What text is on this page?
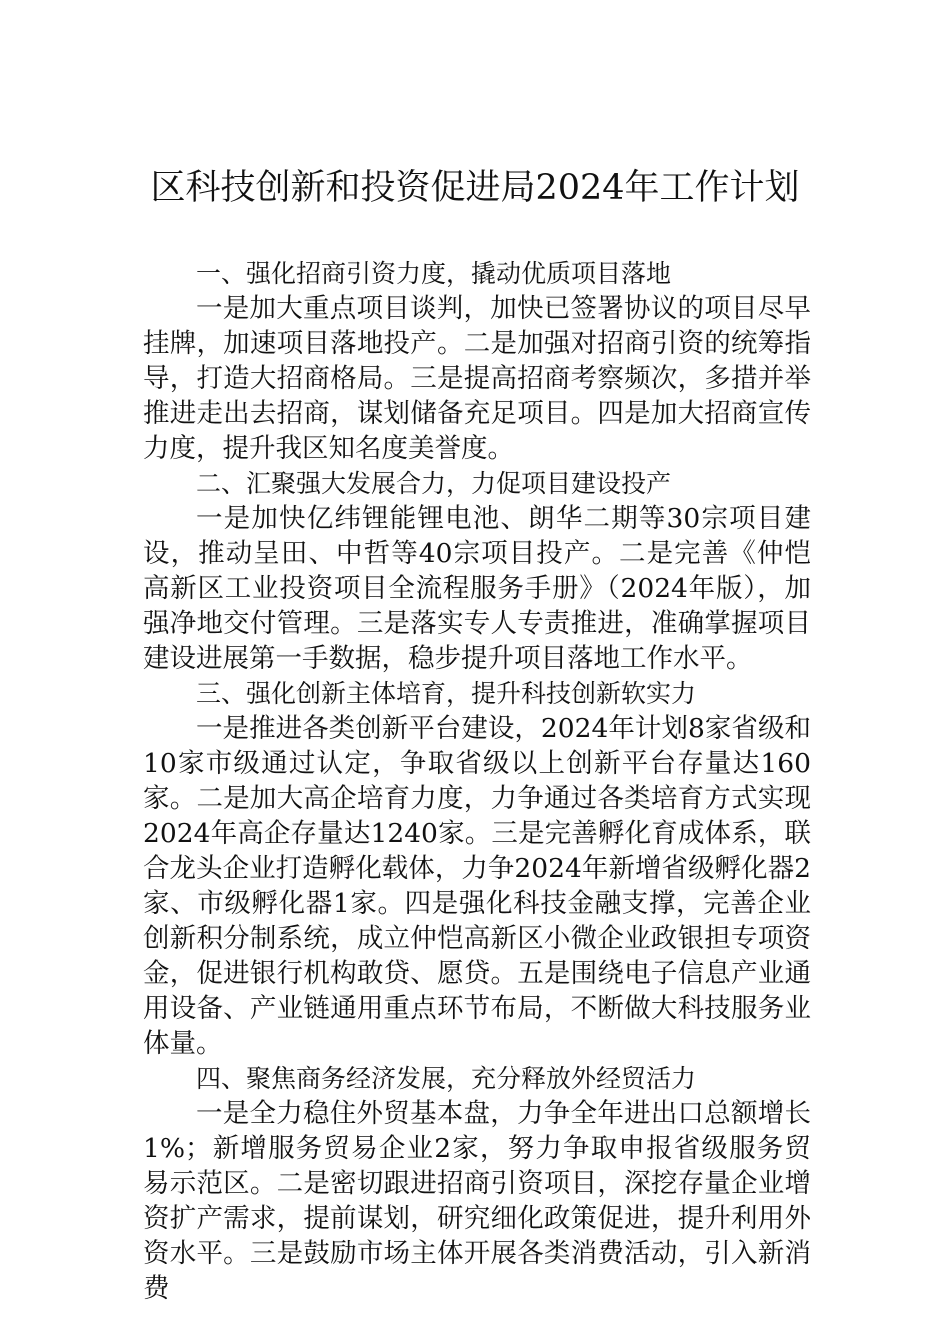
区科技创新和投资促进局2024年工作计划

一、强化招商引资力度，撬动优质项目落地

一是加大重点项目谈判，加快已签署协议的项目尽早挂牌，加速项目落地投产。二是加强对招商引资的统筹指导，打造大招商格局。三是提高招商考察频次，多措并举推进走出去招商，谋划储备充足项目。四是加大招商宣传力度，提升我区知名度美誉度。

二、汇聚强大发展合力，力促项目建设投产

一是加快亿纬锂能锂电池、朗华二期等30宗项目建设，推动呈田、中哲等40宗项目投产。二是完善《仲恺高新区工业投资项目全流程服务手册》（2024年版），加强净地交付管理。三是落实专人专责推进，准确掌握项目建设进展第一手数据，稳步提升项目落地工作水平。

三、强化创新主体培育，提升科技创新软实力

一是推进各类创新平台建设，2024年计划8家省级和10家市级通过认定，争取省级以上创新平台存量达160家。二是加大高企培育力度，力争通过各类培育方式实现2024年高企存量达1240家。三是完善孵化育成体系，联合龙头企业打造孵化载体，力争2024年新增省级孵化器2家、市级孵化器1家。四是强化科技金融支撑，完善企业创新积分制系统，成立仲恺高新区小微企业政银担专项资金，促进银行机构敢贷、愿贷。五是围绕电子信息产业通用设备、产业链通用重点环节布局，不断做大科技服务业体量。

四、聚焦商务经济发展，充分释放外经贸活力

一是全力稳住外贸基本盘，力争全年进出口总额增长1%；新增服务贸易企业2家，努力争取申报省级服务贸易示范区。二是密切跟进招商引资项目，深挖存量企业增资扩产需求，提前谋划，研究细化政策促进，提升利用外资水平。三是鼓励市场主体开展各类消费活动，引入新消费
